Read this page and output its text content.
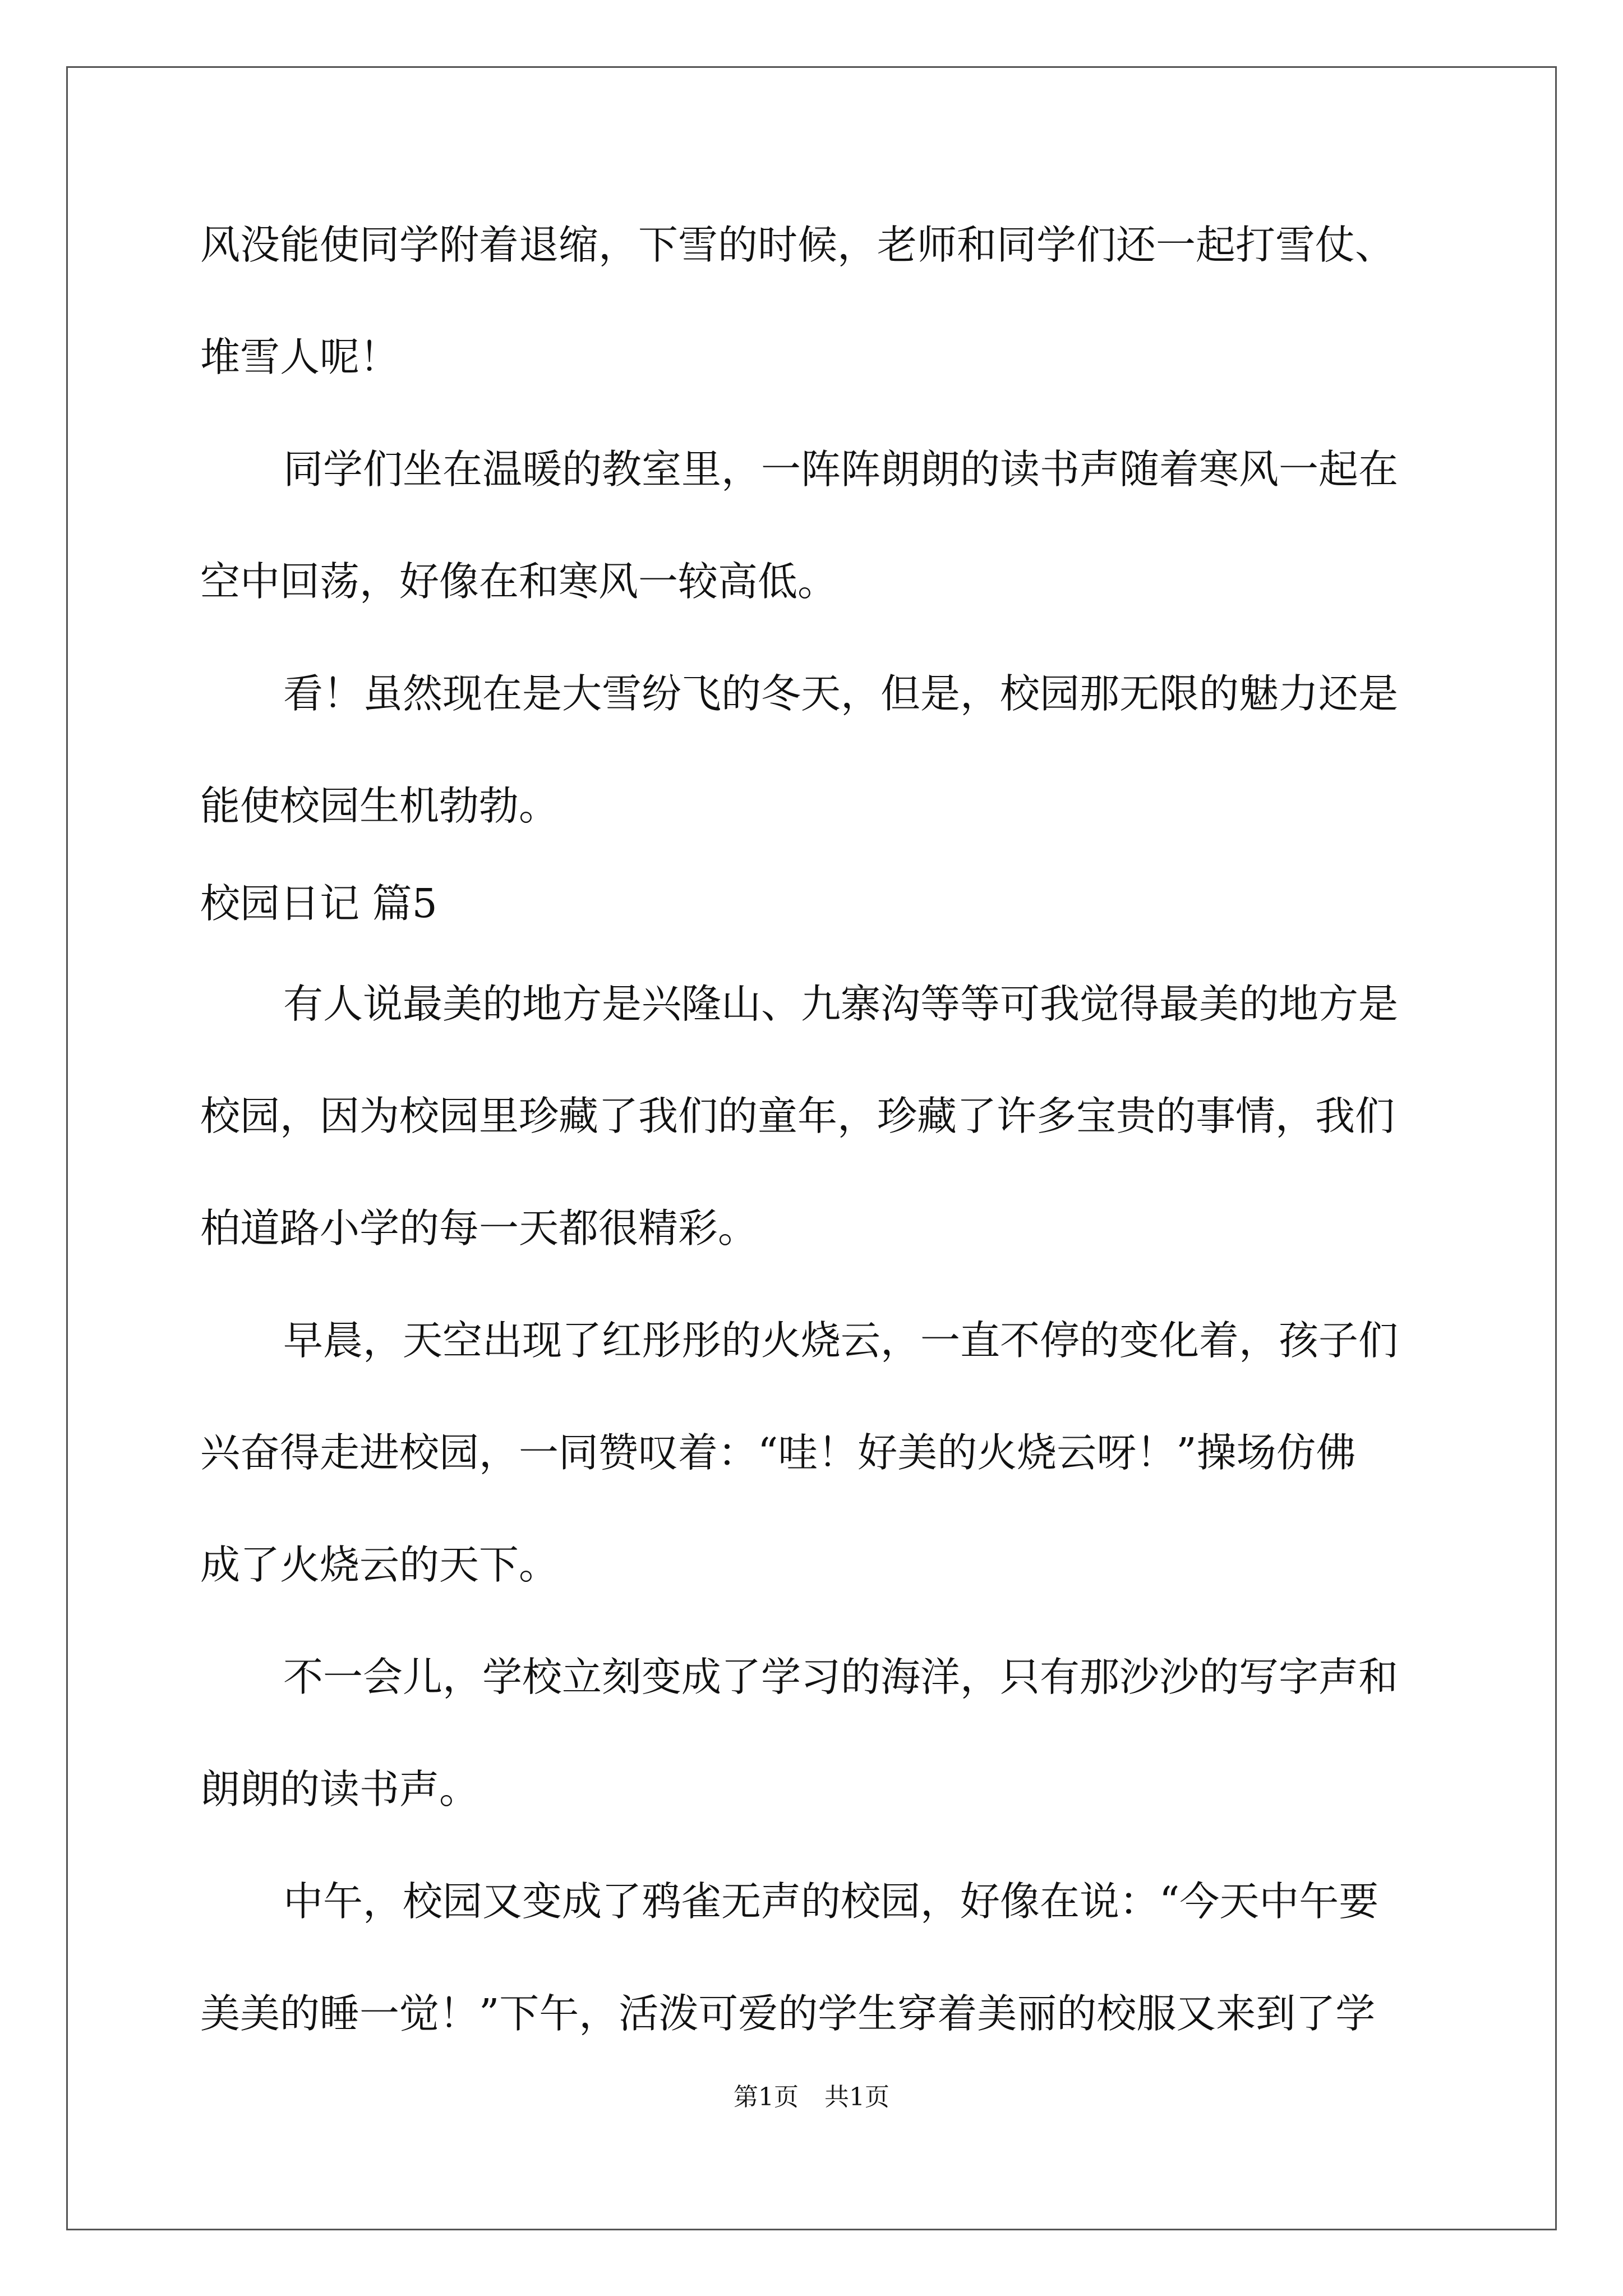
风没能使同学附着退缩，下雪的时候，老师和同学们还一起打雪仗、
堆雪人呢！
同学们坐在温暖的教室里，一阵阵朗朗的读书声随着寒风一起在
空中回荡，好像在和寒风一较高低。
看！虽然现在是大雪纷飞的冬天，但是，校园那无限的魅力还是
能使校园生机勃勃。
校园日记 篇5
有人说最美的地方是兴隆山、九寨沟等等可我觉得最美的地方是
校园，因为校园里珍藏了我们的童年，珍藏了许多宝贵的事情，我们
柏道路小学的每一天都很精彩。
早晨，天空出现了红彤彤的火烧云，一直不停的变化着，孩子们
兴奋得走进校园，一同赞叹着：“哇！好美的火烧云呀！”操场仿佛
成了火烧云的天下。
不一会儿，学校立刻变成了学习的海洋，只有那沙沙的写字声和
朗朗的读书声。
中午，校园又变成了鸦雀无声的校园，好像在说：“今天中午要
美美的睡一觉！”下午，活泼可爱的学生穿着美丽的校服又来到了学
第1页 共1页
